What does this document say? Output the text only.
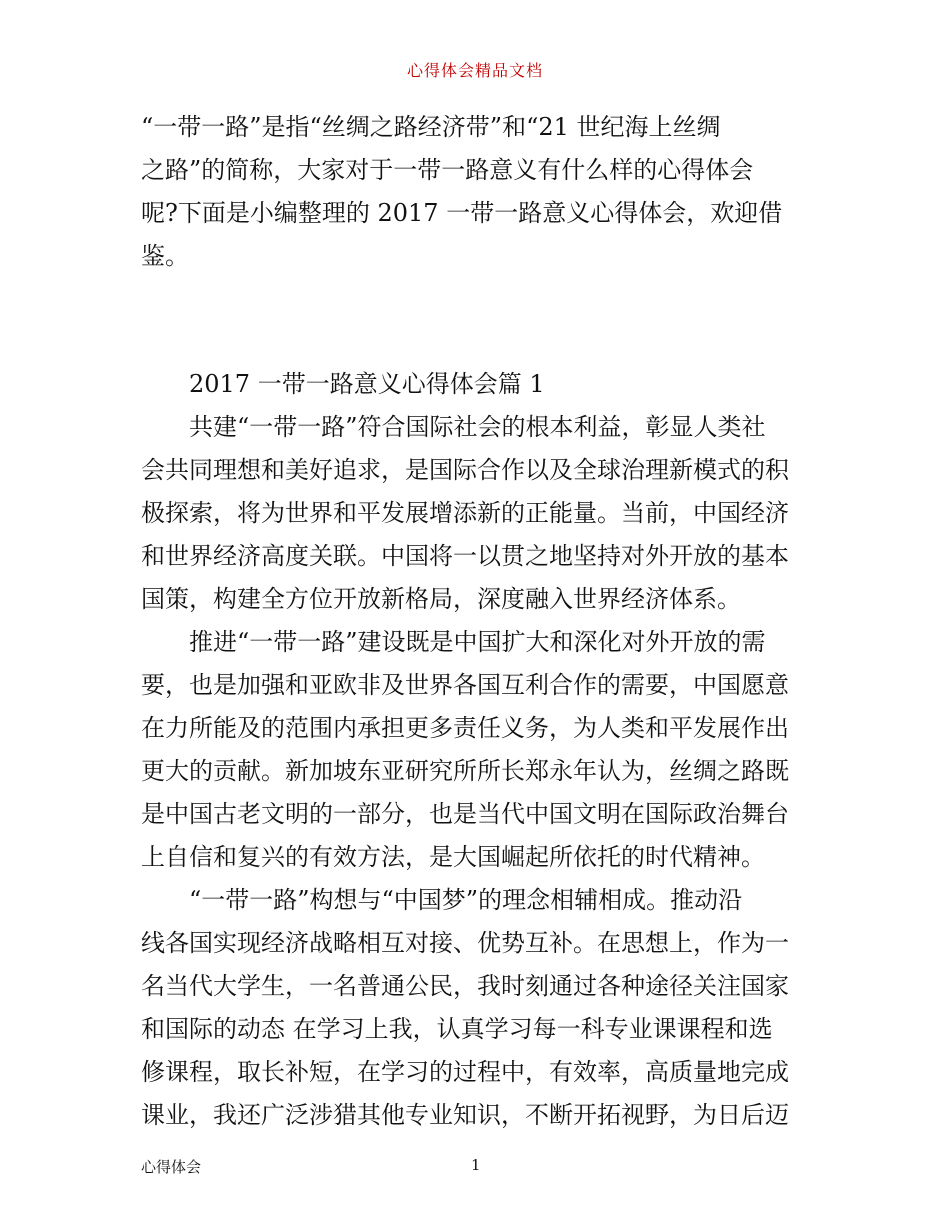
心得体会精品文档
“一带一路”是指“丝绸之路经济带”和“21 世纪海上丝绸
之路”的简称，大家对于一带一路意义有什么样的心得体会
呢?下面是小编整理的 2017 一带一路意义心得体会，欢迎借
鉴。
2017 一带一路意义心得体会篇 1
共建“一带一路”符合国际社会的根本利益，彰显人类社
会共同理想和美好追求，是国际合作以及全球治理新模式的积
极探索，将为世界和平发展增添新的正能量。当前，中国经济
和世界经济高度关联。中国将一以贯之地坚持对外开放的基本
国策，构建全方位开放新格局，深度融入世界经济体系。
推进“一带一路”建设既是中国扩大和深化对外开放的需
要，也是加强和亚欧非及世界各国互利合作的需要，中国愿意
在力所能及的范围内承担更多责任义务，为人类和平发展作出
更大的贡献。新加坡东亚研究所所长郑永年认为，丝绸之路既
是中国古老文明的一部分，也是当代中国文明在国际政治舞台
上自信和复兴的有效方法，是大国崛起所依托的时代精神。
“一带一路”构想与“中国梦”的理念相辅相成。推动沿
线各国实现经济战略相互对接、优势互补。在思想上，作为一
名当代大学生，一名普通公民，我时刻通过各种途径关注国家
和国际的动态 在学习上我，认真学习每一科专业课课程和选
修课程，取长补短，在学习的过程中，有效率，高质量地完成
课业，我还广泛涉猎其他专业知识，不断开拓视野，为日后迈
心得体会	1
